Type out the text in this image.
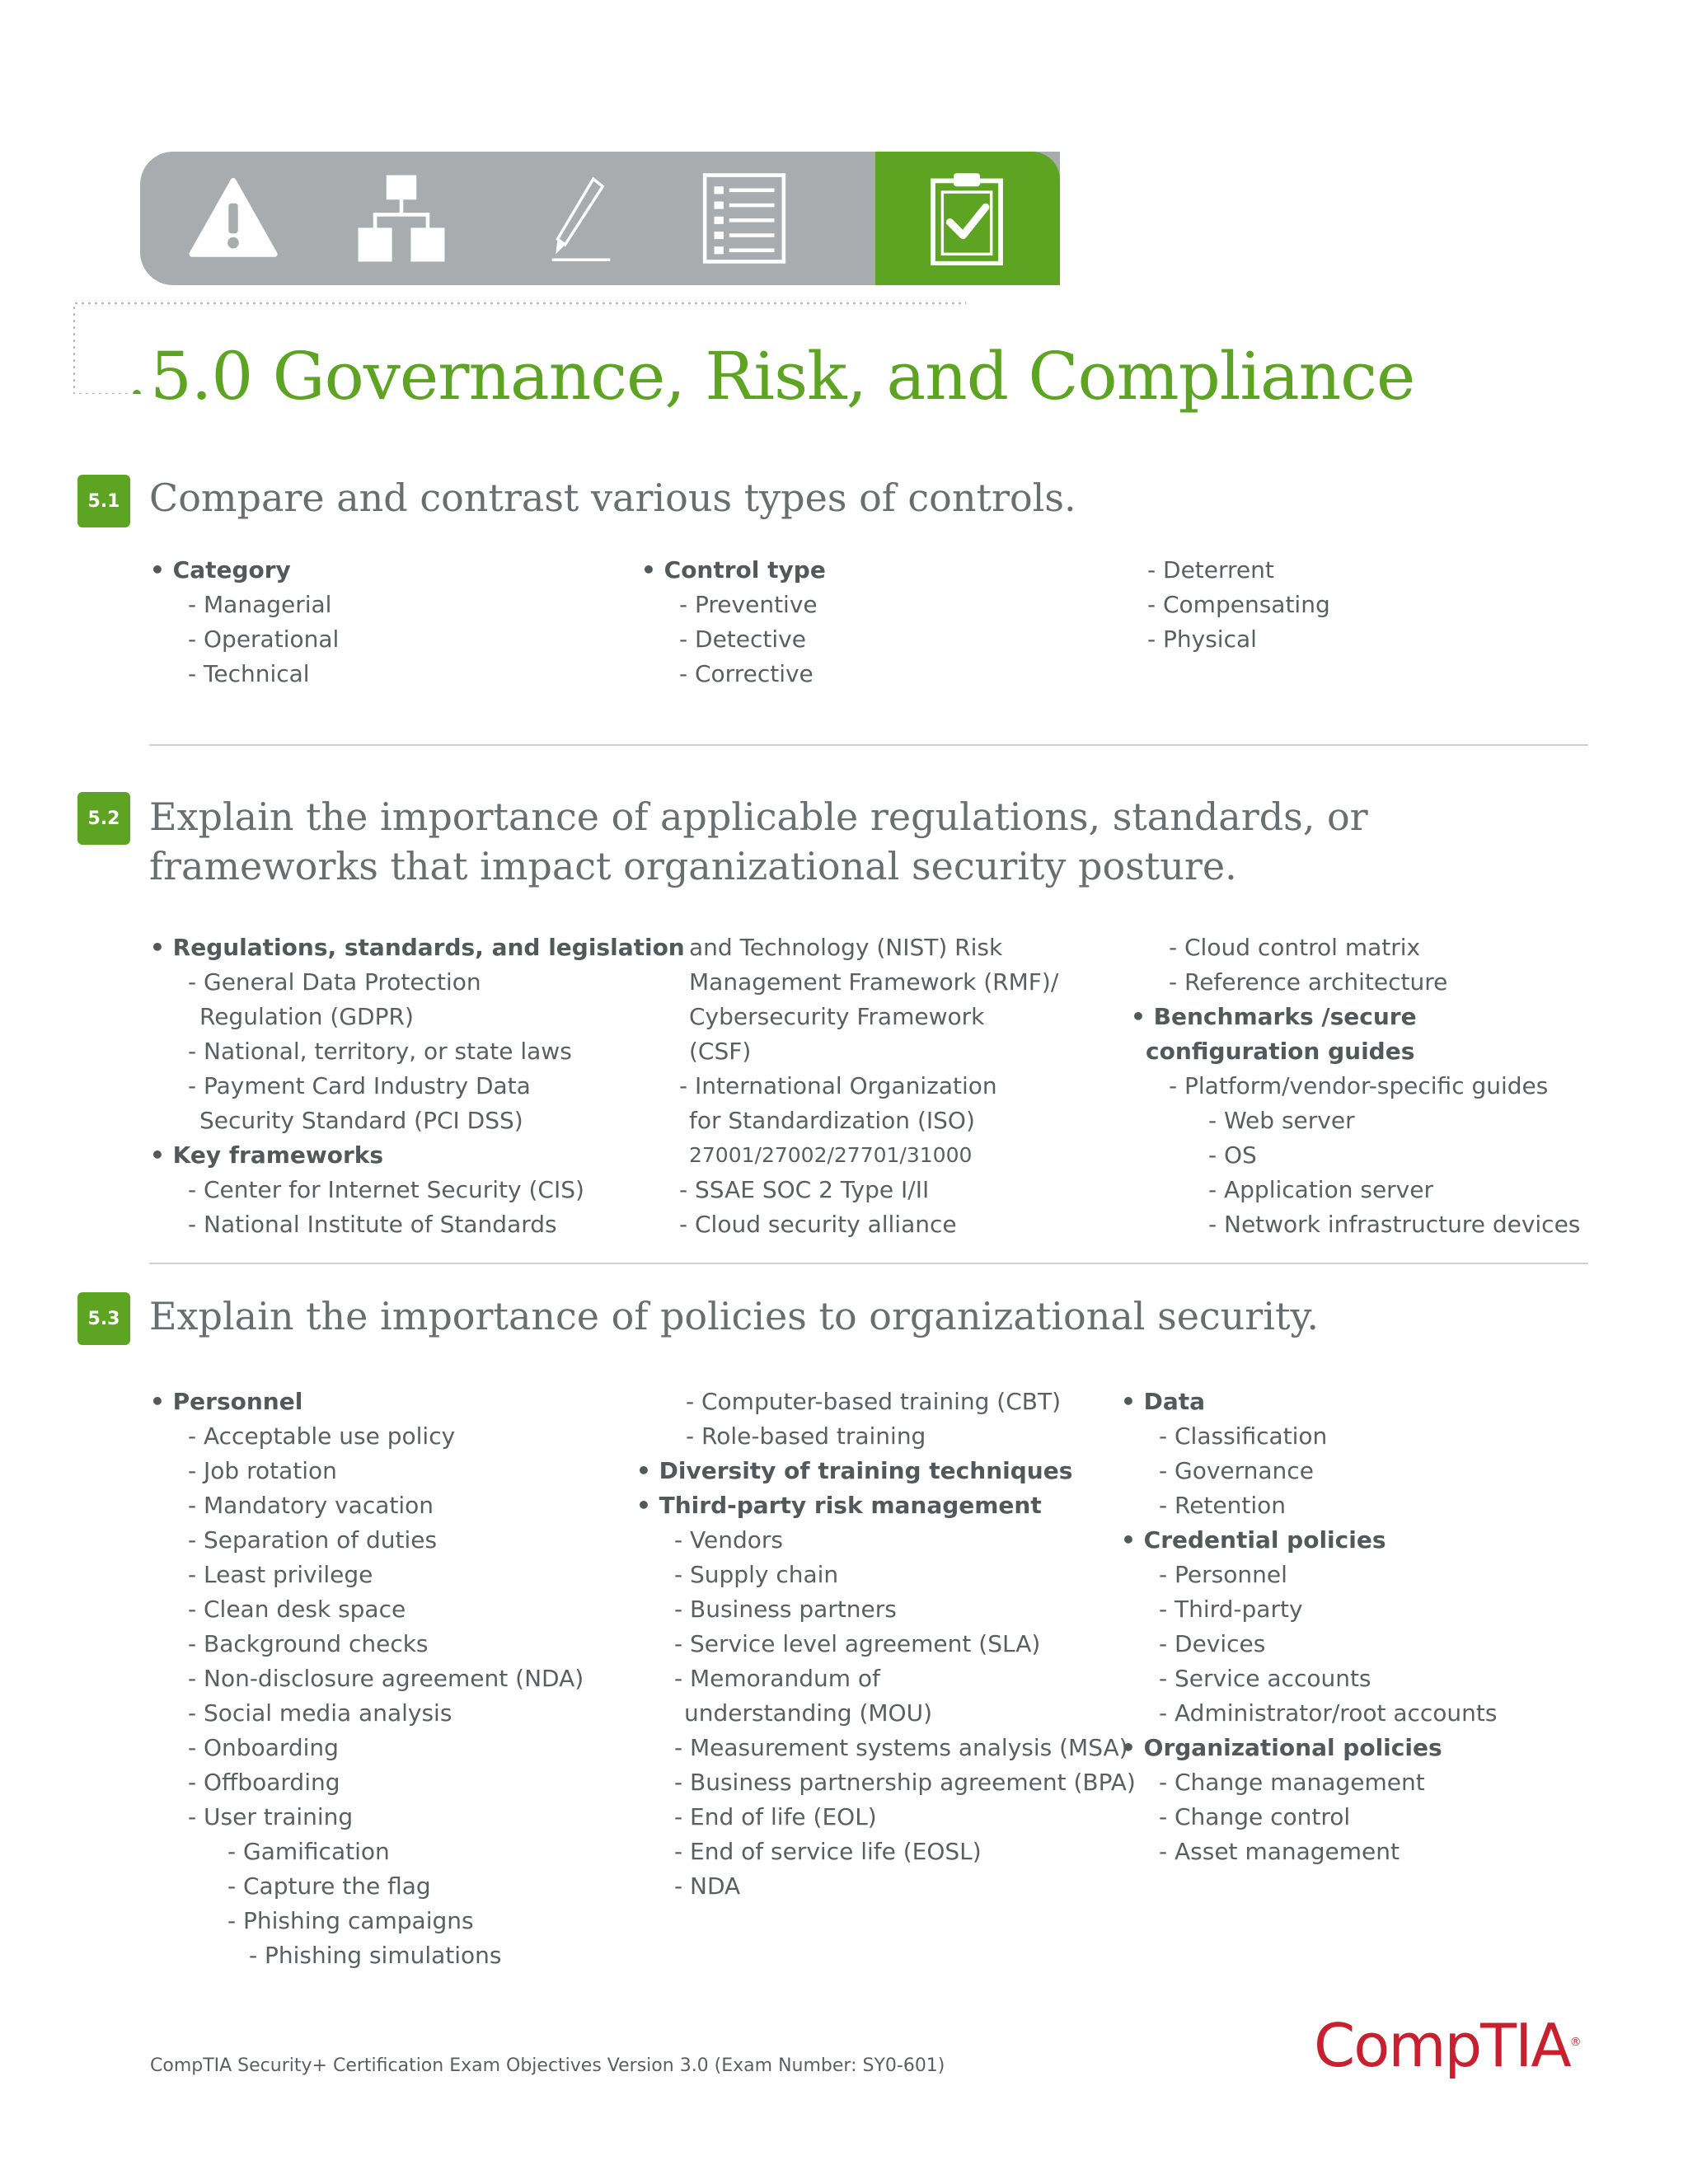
5.0 Governance, Risk, and Compliance
5.1 Compare and contrast various types of controls.
• Category
- Managerial
- Operational
- Technical
• Control type
- Preventive
- Detective
- Corrective
- Deterrent
- Compensating
- Physical
5.2 Explain the importance of applicable regulations, standards, or
frameworks that impact organizational security posture.
• Regulations, standards, and legislation
- General Data Protection
Regulation (GDPR)
- National, territory, or state laws
- Payment Card Industry Data
Security Standard (PCI DSS)
• Key frameworks
- Center for Internet Security (CIS)
- National Institute of Standards
and Technology (NIST) Risk
Management Framework (RMF)/
Cybersecurity Framework
(CSF)
- International Organization
for Standardization (ISO)
27001/27002/27701/31000
- SSAE SOC 2 Type I/II
- Cloud security alliance
- Cloud control matrix
- Reference architecture
• Benchmarks /secure
configuration guides
- Platform/vendor-specific guides
- Web server
- OS
- Application server
- Network infrastructure devices
5.3 Explain the importance of policies to organizational security.
• Personnel
- Acceptable use policy
- Job rotation
- Mandatory vacation
- Separation of duties
- Least privilege
- Clean desk space
- Background checks
- Non-disclosure agreement (NDA)
- Social media analysis
- Onboarding
- Offboarding
- User training
- Gamification
- Capture the flag
- Phishing campaigns
- Phishing simulations
- Computer-based training (CBT)
- Role-based training
• Diversity of training techniques
• Third-party risk management
- Vendors
- Supply chain
- Business partners
- Service level agreement (SLA)
- Memorandum of
understanding (MOU)
- Measurement systems analysis (MSA)
- Business partnership agreement (BPA)
- End of life (EOL)
- End of service life (EOSL)
- NDA
• Data
- Classification
- Governance
- Retention
• Credential policies
- Personnel
- Third-party
- Devices
- Service accounts
- Administrator/root accounts
• Organizational policies
- Change management
- Change control
- Asset management
CompTIA Security+ Certification Exam Objectives Version 3.0 (Exam Number: SY0-601)	CompTIA®
